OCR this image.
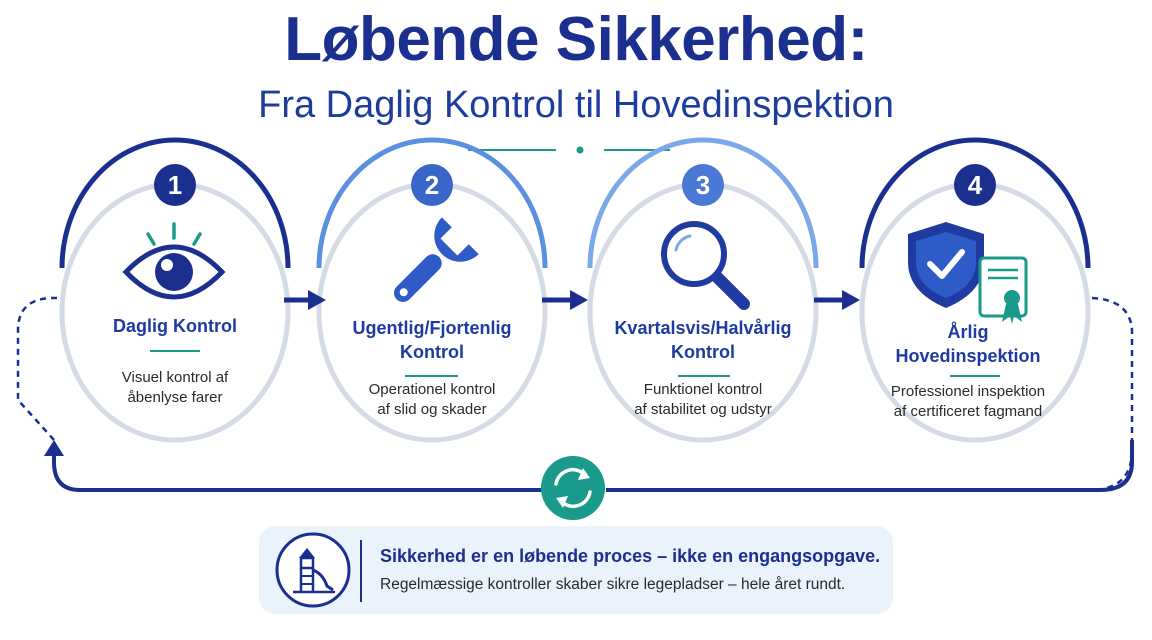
Løbende Sikkerhed:
Fra Daglig Kontrol til Hovedinspektion
1	2	3	4
Daglig Kontrol
Visuel kontrol af
åbenlyse farer
Ugentlig/Fjortenlig
Kontrol
Operationel kontrol
af slid og skader
Kvartalsvis/Halvårlig
Kontrol
Funktionel kontrol
af stabilitet og udstyr
Årlig
Hovedinspektion
Professionel inspektion
af certificeret fagmand
Sikkerhed er en løbende proces – ikke en engangsopgave.
Regelmæssige kontroller skaber sikre legepladser – hele året rundt.
